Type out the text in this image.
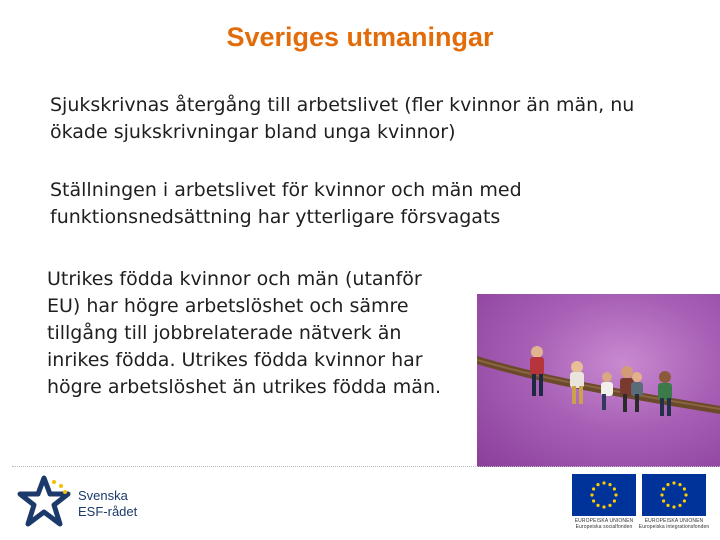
Sveriges utmaningar

Sjukskrivnas återgång till arbetslivet (fler kvinnor än män, nu ökade sjukskrivningar bland unga kvinnor)

Ställningen i arbetslivet för kvinnor och män med funktionsnedsättning har ytterligare försvagats

Utrikes födda kvinnor och män (utanför EU) har högre arbetslöshet och sämre tillgång till jobbrelaterade nätverk än inrikes födda. Utrikes födda kvinnor har högre arbetslöshet än utrikes födda män.

Svenska
ESF-rådet
EUROPEISKA UNIONEN
Europeiska socialfonden
EUROPEISKA UNIONEN
Europeiska integrationsfonden
